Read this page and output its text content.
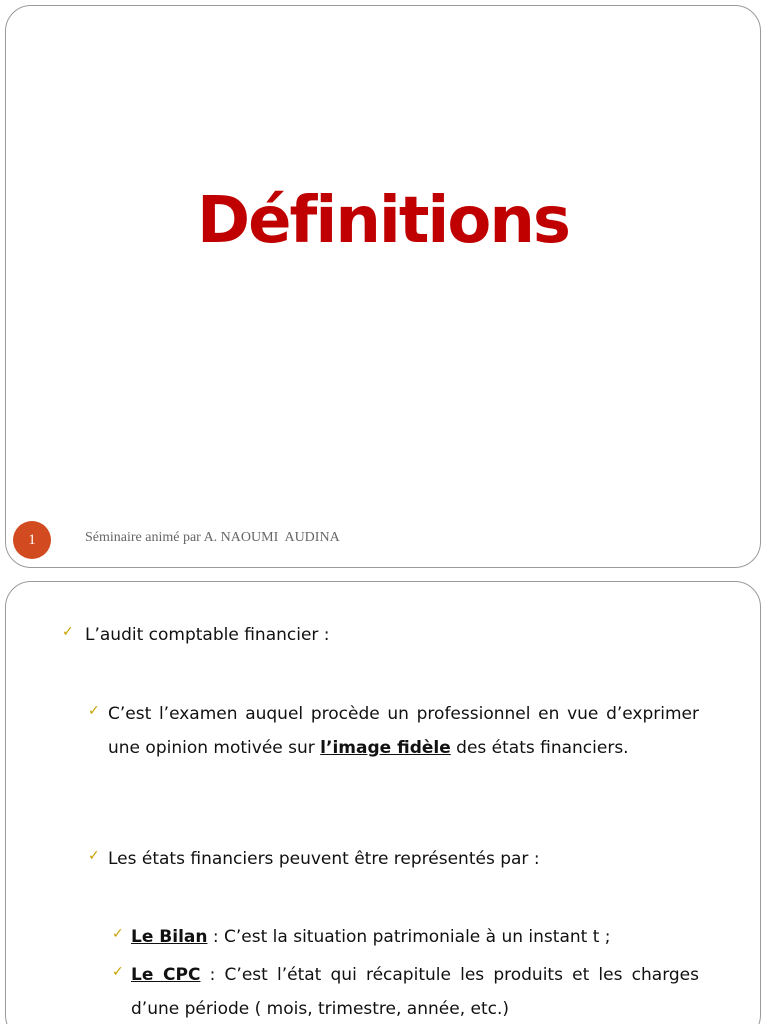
Définitions
1	Séminaire animé par A. NAOUMI  AUDINA
✓ L’audit comptable financier :
✓ C’est l’examen auquel procède un professionnel en vue d’exprimer une opinion motivée sur l’image fidèle des états financiers.
✓ Les états financiers peuvent être représentés par :
✓ Le Bilan : C’est la situation patrimoniale à un instant t ;
✓ Le CPC : C’est l’état qui récapitule les produits et les charges d’une période ( mois, trimestre, année, etc.)
